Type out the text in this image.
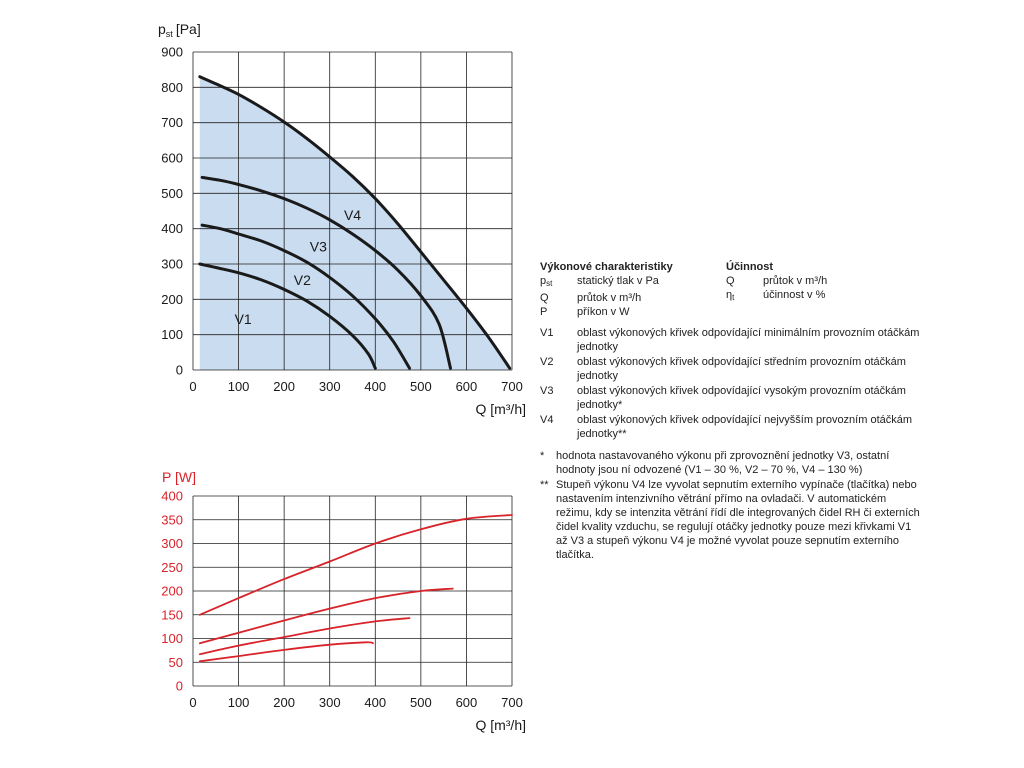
0 100 200 300 400 500 600 700
0
100
200
300
400
500
600
700
800
900
Q [m³/h]
$p_{st}$ [Pa]
V1
V2
V3
V4
0 100 200 300 400 500 600 700
0
50
100
150
200
250
300
350
400
Q [m³/h]
P [W]
Výkonové charakteristiky
$p_{st}$	statický tlak v Pa
Q	průtok v m³/h
P	příkon v W
Účinnost
Q	průtok v m³/h
$\eta_t$	účinnost v %
V1	oblast výkonových křivek odpovídající minimálním provozním otáčkám jednotky
V2	oblast výkonových křivek odpovídající středním provozním otáčkám jednotky
V3	oblast výkonových křivek odpovídající vysokým provozním otáčkám jednotky*
V4	oblast výkonových křivek odpovídající nejvyšším provozním otáčkám jednotky**
*	hodnota nastavovaného výkonu při zprovoznění jednotky V3, ostatní hodnoty jsou ní odvozené (V1 – 30 %, V2 – 70 %, V4 – 130 %)
** Stupeň výkonu V4 lze vyvolat sepnutím externího vypínače (tlačítka) nebo nastavením intenzivního větrání přímo na ovladači. V automatickém režimu, kdy se intenzita větrání řídí dle integrovaných čidel RH či externích čidel kvality vzduchu, se regulují otáčky jednotky pouze mezi křivkami V1 až V3 a stupeň výkonu V4 je možné vyvolat pouze sepnutím externího tlačítka.
